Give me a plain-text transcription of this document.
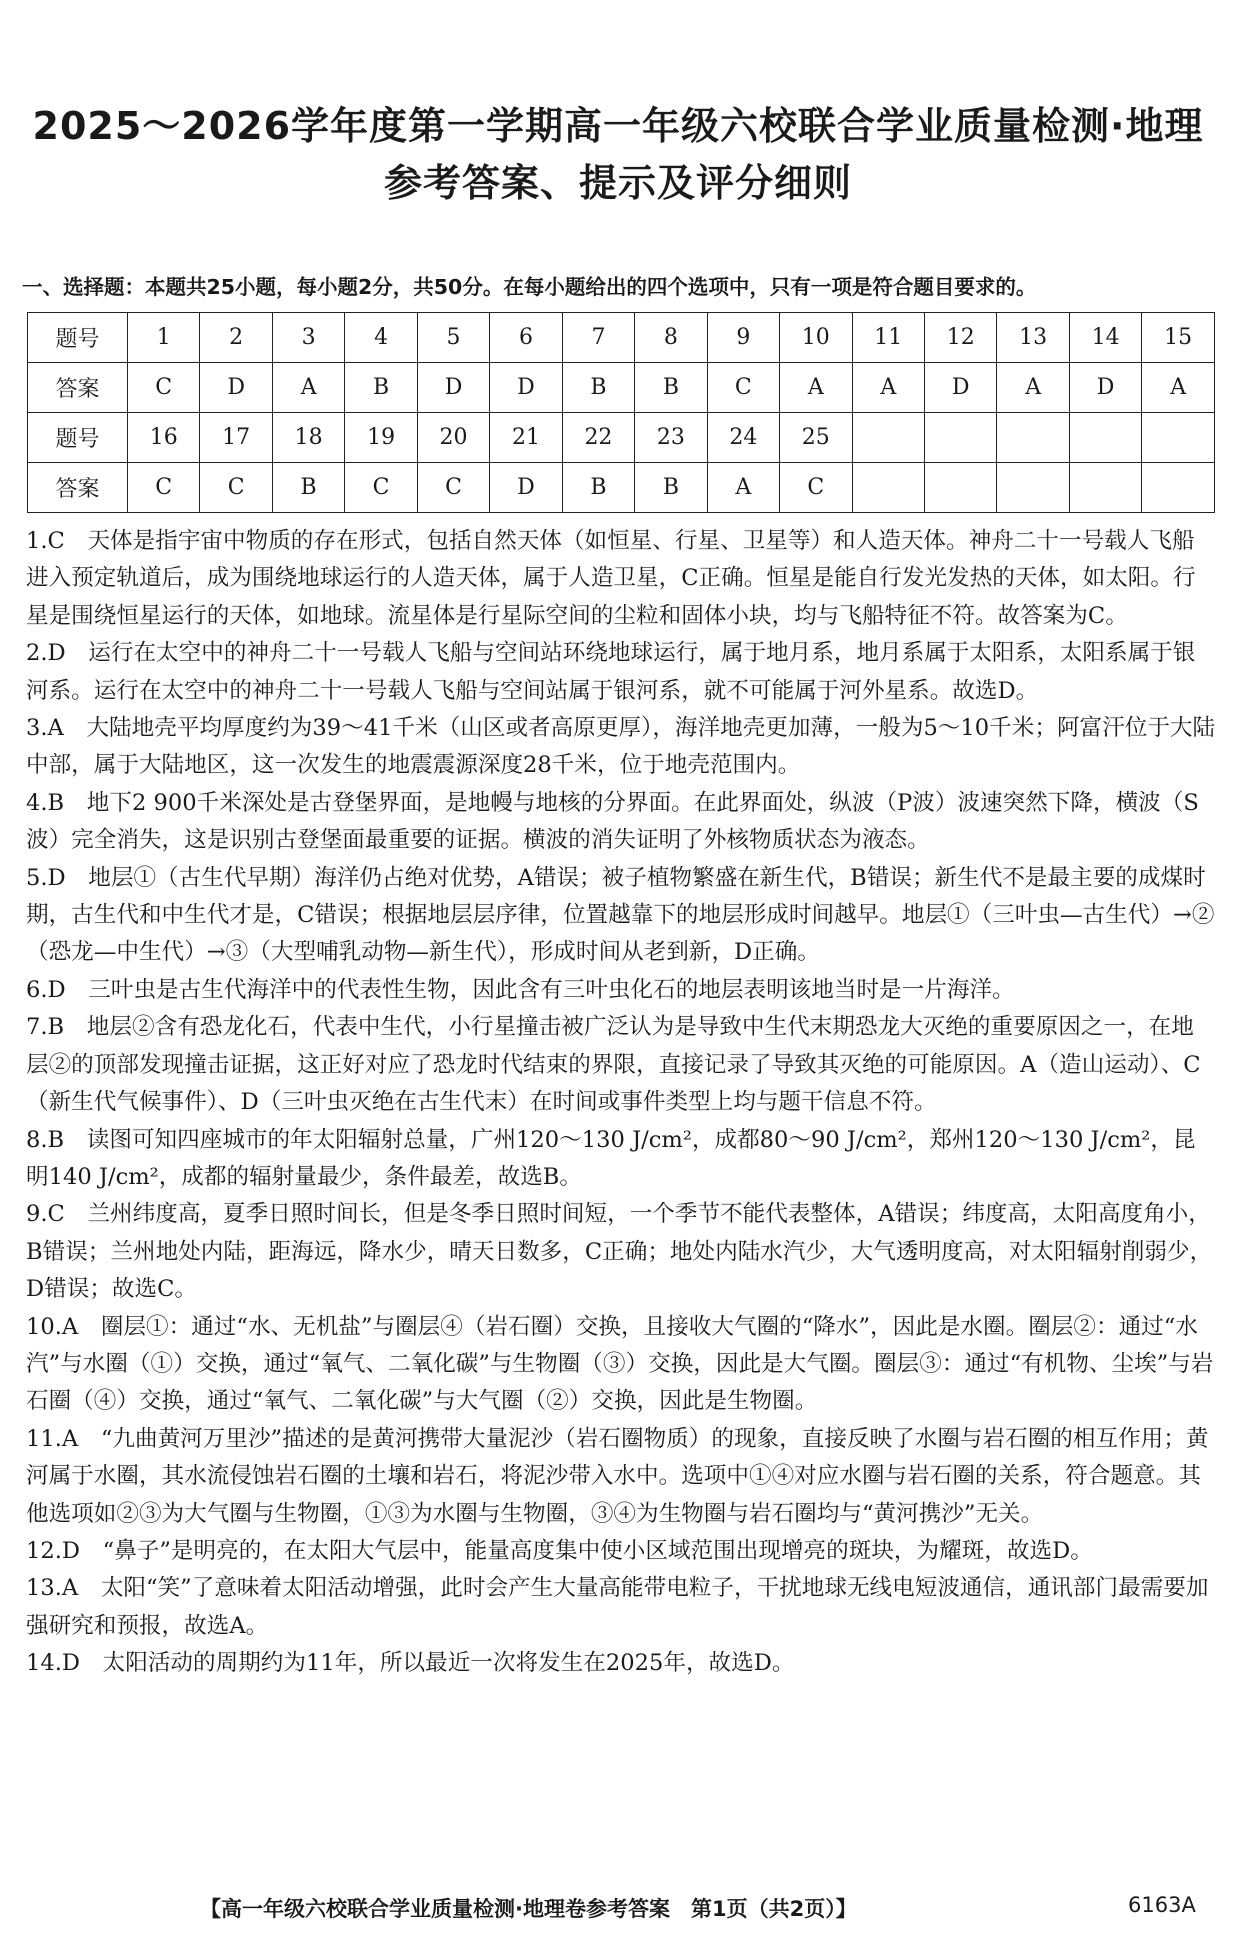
2025～2026学年度第一学期高一年级六校联合学业质量检测·地理
参考答案、提示及评分细则
一、选择题：本题共25小题，每小题2分，共50分。在每小题给出的四个选项中，只有一项是符合题目要求的。
题号	1	2	3	4	5	6	7	8	9	10	11	12	13	14	15
答案	C	D	A	B	D	D	B	B	C	A	A	D	A	D	A
题号	16	17	18	19	20	21	22	23	24	25					
答案	C	C	B	C	C	D	B	B	A	C					

1.C  天体是指宇宙中物质的存在形式，包括自然天体（如恒星、行星、卫星等）和人造天体。神舟二十一号载人飞船进入预定轨道后，成为围绕地球运行的人造天体，属于人造卫星，C正确。恒星是能自行发光发热的天体，如太阳。行星是围绕恒星运行的天体，如地球。流星体是行星际空间的尘粒和固体小块，均与飞船特征不符。故答案为C。

2.D  运行在太空中的神舟二十一号载人飞船与空间站环绕地球运行，属于地月系，地月系属于太阳系，太阳系属于银河系。运行在太空中的神舟二十一号载人飞船与空间站属于银河系，就不可能属于河外星系。故选D。

3.A  大陆地壳平均厚度约为39～41千米（山区或者高原更厚），海洋地壳更加薄，一般为5～10千米；阿富汗位于大陆中部，属于大陆地区，这一次发生的地震震源深度28千米，位于地壳范围内。

4.B  地下2 900千米深处是古登堡界面，是地幔与地核的分界面。在此界面处，纵波（P波）波速突然下降，横波（S波）完全消失，这是识别古登堡面最重要的证据。横波的消失证明了外核物质状态为液态。

5.D  地层①（古生代早期）海洋仍占绝对优势，A错误；被子植物繁盛在新生代，B错误；新生代不是最主要的成煤时期，古生代和中生代才是，C错误；根据地层层序律，位置越靠下的地层形成时间越早。地层①（三叶虫—古生代）→②（恐龙—中生代）→③（大型哺乳动物—新生代），形成时间从老到新，D正确。

6.D  三叶虫是古生代海洋中的代表性生物，因此含有三叶虫化石的地层表明该地当时是一片海洋。

7.B  地层②含有恐龙化石，代表中生代，小行星撞击被广泛认为是导致中生代末期恐龙大灭绝的重要原因之一，在地层②的顶部发现撞击证据，这正好对应了恐龙时代结束的界限，直接记录了导致其灭绝的可能原因。A（造山运动）、C（新生代气候事件）、D（三叶虫灭绝在古生代末）在时间或事件类型上均与题干信息不符。

8.B  读图可知四座城市的年太阳辐射总量，广州120～130 J/cm²，成都80～90 J/cm²，郑州120～130 J/cm²，昆明140 J/cm²，成都的辐射量最少，条件最差，故选B。

9.C  兰州纬度高，夏季日照时间长，但是冬季日照时间短，一个季节不能代表整体，A错误；纬度高，太阳高度角小，B错误；兰州地处内陆，距海远，降水少，晴天日数多，C正确；地处内陆水汽少，大气透明度高，对太阳辐射削弱少，D错误；故选C。

10.A  圈层①：通过“水、无机盐”与圈层④（岩石圈）交换，且接收大气圈的“降水”，因此是水圈。圈层②：通过“水汽”与水圈（①）交换，通过“氧气、二氧化碳”与生物圈（③）交换，因此是大气圈。圈层③：通过“有机物、尘埃”与岩石圈（④）交换，通过“氧气、二氧化碳”与大气圈（②）交换，因此是生物圈。

11.A  “九曲黄河万里沙”描述的是黄河携带大量泥沙（岩石圈物质）的现象，直接反映了水圈与岩石圈的相互作用；黄河属于水圈，其水流侵蚀岩石圈的土壤和岩石，将泥沙带入水中。选项中①④对应水圈与岩石圈的关系，符合题意。其他选项如②③为大气圈与生物圈，①③为水圈与生物圈，③④为生物圈与岩石圈均与“黄河携沙”无关。

12.D  “鼻子”是明亮的，在太阳大气层中，能量高度集中使小区域范围出现增亮的斑块，为耀斑，故选D。

13.A  太阳“笑”了意味着太阳活动增强，此时会产生大量高能带电粒子，干扰地球无线电短波通信，通讯部门最需要加强研究和预报，故选A。

14.D  太阳活动的周期约为11年，所以最近一次将发生在2025年，故选D。

【高一年级六校联合学业质量检测·地理卷参考答案　第1页（共2页）】	6163A
